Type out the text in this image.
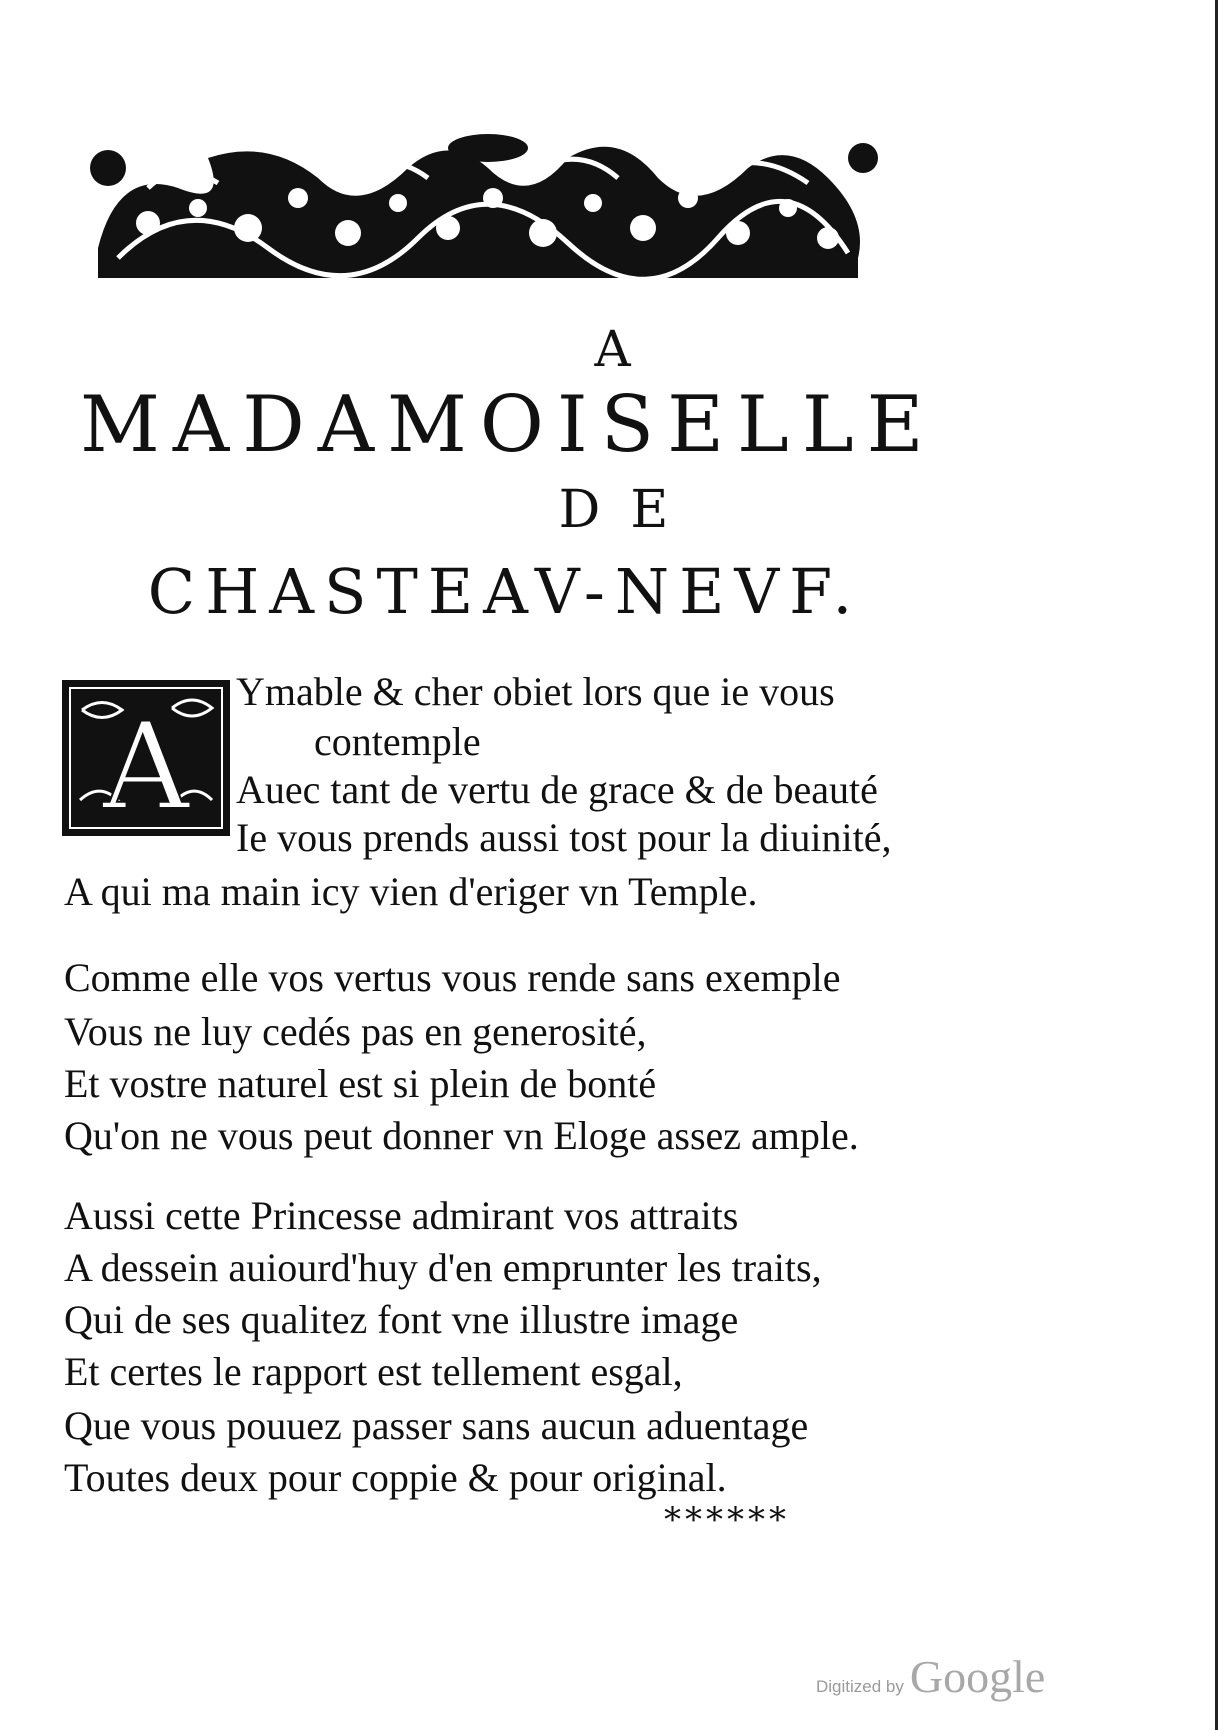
A
MADAMOISELLE
DE
CHASTEAV-NEVF.
A
Ymable & cher obiet lors que ie vous
contemple
Auec tant de vertu de grace & de beauté
Ie vous prends aussi tost pour la diuinité,
A qui ma main icy vien d'eriger vn Temple.
Comme elle vos vertus vous rende sans exemple
Vous ne luy cedés pas en generosité,
Et vostre naturel est si plein de bonté
Qu'on ne vous peut donner vn Eloge assez ample.
Aussi cette Princesse admirant vos attraits
A dessein auiourd'huy d'en emprunter les traits,
Qui de ses qualitez font vne illustre image
Et certes le rapport est tellement esgal,
Que vous pouuez passer sans aucun aduentage
Toutes deux pour coppie & pour original.
******
Digitized by Google
